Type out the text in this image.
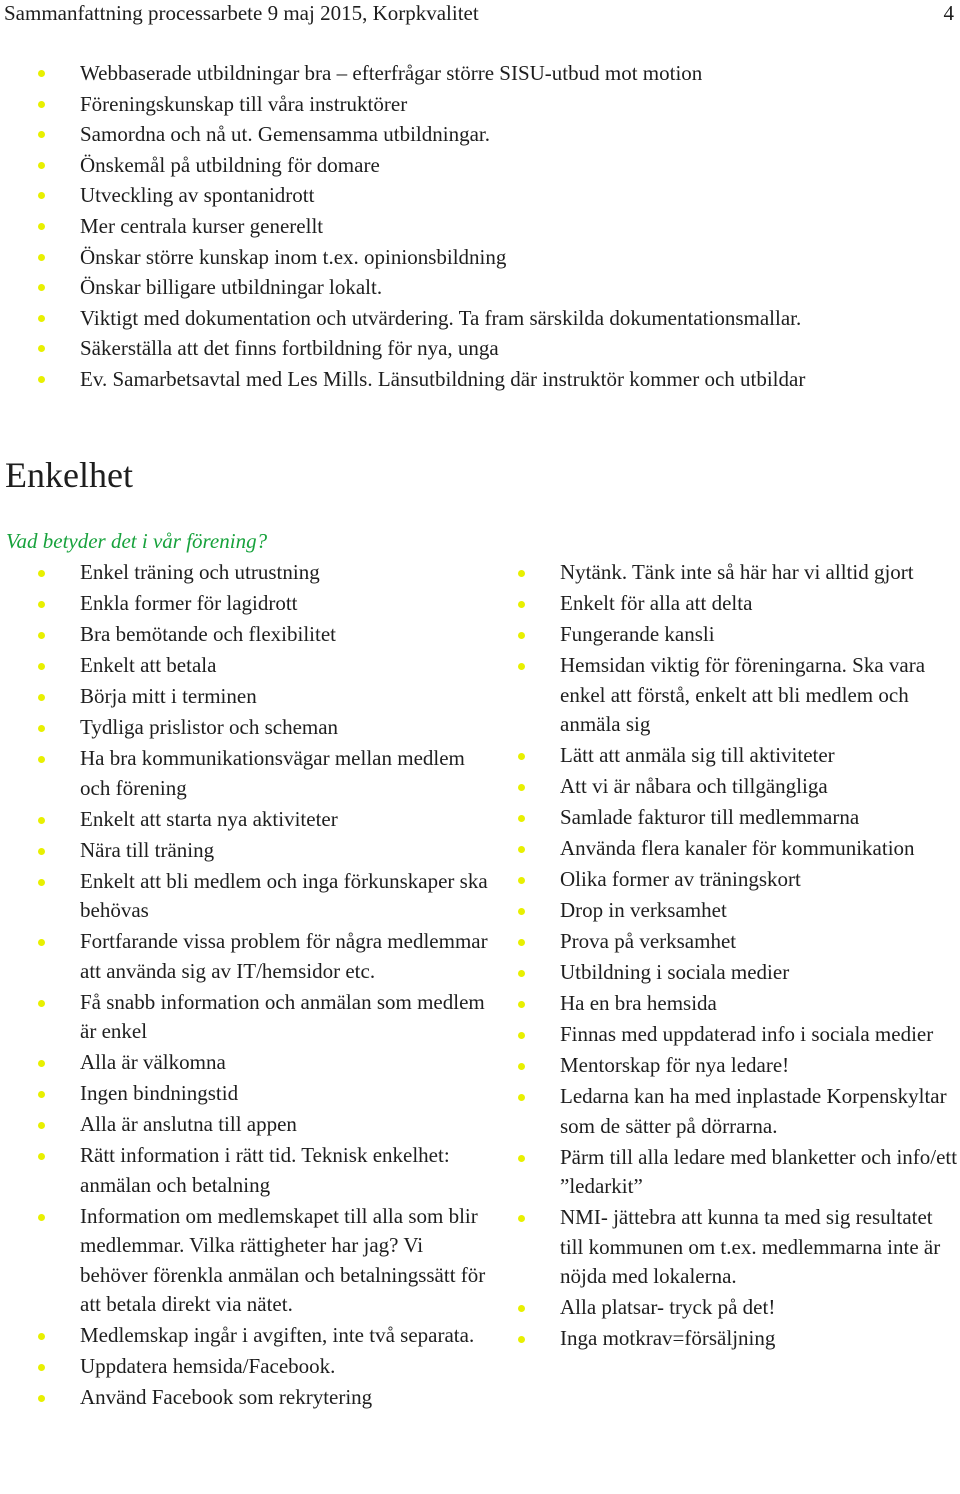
Sammanfattning processarbete 9 maj 2015, Korpkvalitet	4
Webbaserade utbildningar bra – efterfrågar större SISU-utbud mot motion
Föreningskunskap till våra instruktörer
Samordna och nå ut. Gemensamma utbildningar.
Önskemål på utbildning för domare
Utveckling av spontanidrott
Mer centrala kurser generellt
Önskar större kunskap inom t.ex. opinionsbildning
Önskar billigare utbildningar lokalt.
Viktigt med dokumentation och utvärdering. Ta fram särskilda dokumentationsmallar.
Säkerställa att det finns fortbildning för nya, unga
Ev. Samarbetsavtal med Les Mills. Länsutbildning där instruktör kommer och utbildar
Enkelhet

Vad betyder det i vår förening?

Enkel träning och utrustning
Enkla former för lagidrott
Bra bemötande och flexibilitet
Enkelt att betala
Börja mitt i terminen
Tydliga prislistor och scheman
Ha bra kommunikationsvägar mellan medlem och förening
Enkelt att starta nya aktiviteter
Nära till träning
Enkelt att bli medlem och inga förkunskaper ska behövas
Fortfarande vissa problem för några medlemmar att använda sig av IT/hemsidor etc.
Få snabb information och anmälan som medlem är enkel
Alla är välkomna
Ingen bindningstid
Alla är anslutna till appen
Rätt information i rätt tid. Teknisk enkelhet: anmälan och betalning
Information om medlemskapet till alla som blir medlemmar. Vilka rättigheter har jag? Vi behöver förenkla anmälan och betalningssätt för att betala direkt via nätet.
Medlemskap ingår i avgiften, inte två separata.
Uppdatera hemsida/Facebook.
Använd Facebook som rekrytering
Nytänk. Tänk inte så här har vi alltid gjort
Enkelt för alla att delta
Fungerande kansli
Hemsidan viktig för föreningarna. Ska vara enkel att förstå, enkelt att bli medlem och anmäla sig
Lätt att anmäla sig till aktiviteter
Att vi är nåbara och tillgängliga
Samlade fakturor till medlemmarna
Använda flera kanaler för kommunikation
Olika former av träningskort
Drop in verksamhet
Prova på verksamhet
Utbildning i sociala medier
Ha en bra hemsida
Finnas med uppdaterad info i sociala medier
Mentorskap för nya ledare!
Ledarna kan ha med inplastade Korpenskyltar som de sätter på dörrarna.
Pärm till alla ledare med blanketter och info/ett ”ledarkit”
NMI- jättebra att kunna ta med sig resultatet till kommunen om t.ex. medlemmarna inte är nöjda med lokalerna.
Alla platsar- tryck på det!
Inga motkrav=försäljning
